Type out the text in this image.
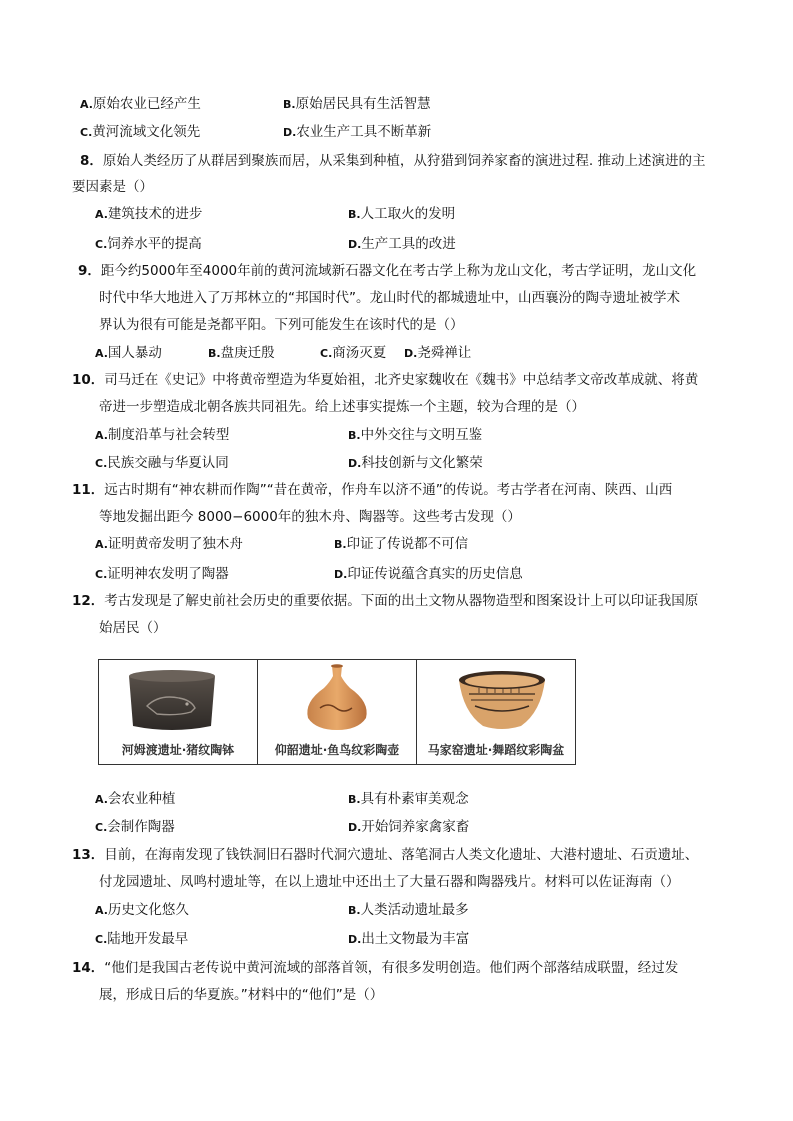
A.原始农业已经产生	B.原始居民具有生活智慧
C.黄河流域文化领先	D.农业生产工具不断革新
8．原始人类经历了从群居到聚族而居，从采集到种植，从狩猎到饲养家畜的演进过程. 推动上述演进的主
要因素是（）
A.建筑技术的进步	B.人工取火的发明
C.饲养水平的提高	D.生产工具的改进
9．距今约5000年至4000年前的黄河流域新石器文化在考古学上称为龙山文化，考古学证明，龙山文化
时代中华大地进入了万邦林立的“邦国时代”。龙山时代的都城遗址中，山西襄汾的陶寺遗址被学术
界认为很有可能是尧都平阳。下列可能发生在该时代的是（）
A.国人暴动	B.盘庚迁殷	C.商汤灭夏 D.尧舜禅让
10．司马迁在《史记》中将黄帝塑造为华夏始祖，北齐史家魏收在《魏书》中总结孝文帝改革成就、将黄
帝进一步塑造成北朝各族共同祖先。给上述事实提炼一个主题，较为合理的是（）
A.制度沿革与社会转型	B.中外交往与文明互鉴
C.民族交融与华夏认同	D.科技创新与文化繁荣
11．远古时期有“神农耕而作陶”“昔在黄帝，作舟车以济不通”的传说。考古学者在河南、陕西、山西
等地发掘出距今 8000−6000年的独木舟、陶器等。这些考古发现（）
A.证明黄帝发明了独木舟	B.印证了传说都不可信
C.证明神农发明了陶器	D.印证传说蕴含真实的历史信息
12．考古发现是了解史前社会历史的重要依据。下面的出土文物从器物造型和图案设计上可以印证我国原
始居民（）
河姆渡遗址·猪纹陶钵	仰韶遗址·鱼鸟纹彩陶壶	马家窑遗址·舞蹈纹彩陶盆
A.会农业种植	B.具有朴素审美观念
C.会制作陶器	D.开始饲养家禽家畜
13．目前，在海南发现了钱铁洞旧石器时代洞穴遗址、落笔洞古人类文化遗址、大港村遗址、石贡遗址、
付龙园遗址、凤鸣村遗址等，在以上遗址中还出土了大量石器和陶器残片。材料可以佐证海南（）
A.历史文化悠久	B.人类活动遗址最多
C.陆地开发最早	D.出土文物最为丰富
14．“他们是我国古老传说中黄河流域的部落首领，有很多发明创造。他们两个部落结成联盟，经过发
展，形成日后的华夏族。”材料中的“他们”是（）
